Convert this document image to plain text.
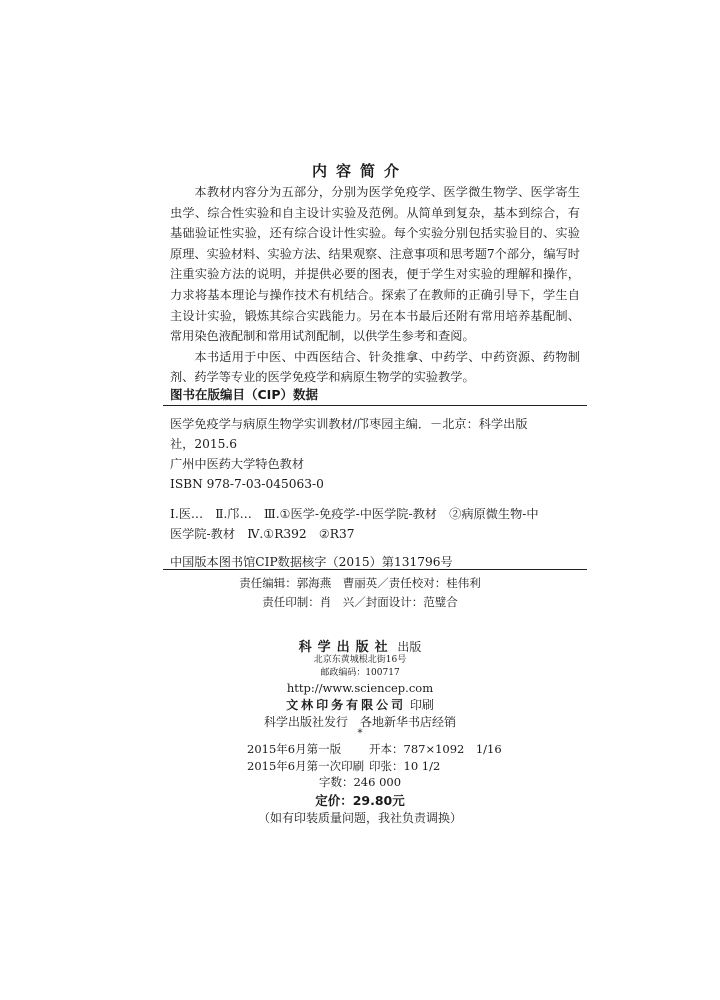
内容简介

本教材内容分为五部分，分别为医学免疫学、医学微生物学、医学寄生虫学、综合性实验和自主设计实验及范例。从简单到复杂，基本到综合，有基础验证性实验，还有综合设计性实验。每个实验分别包括实验目的、实验原理、实验材料、实验方法、结果观察、注意事项和思考题7个部分，编写时注重实验方法的说明，并提供必要的图表，便于学生对实验的理解和操作，力求将基本理论与操作技术有机结合。探索了在教师的正确引导下，学生自主设计实验，锻炼其综合实践能力。另在本书最后还附有常用培养基配制、常用染色液配制和常用试剂配制，以供学生参考和查阅。

本书适用于中医、中西医结合、针灸推拿、中药学、中药资源、药物制剂、药学等专业的医学免疫学和病原生物学的实验教学。

图书在版编目（CIP）数据
医学免疫学与病原生物学实训教材/邝枣园主编．－北京：科学出版
社，2015.6
广州中医药大学特色教材
ISBN 978-7-03-045063-0
Ⅰ.医…　Ⅱ.邝…　Ⅲ.①医学-免疫学-中医学院-教材　②病原微生物-中
医学院-教材　Ⅳ.①R392　②R37
中国版本图书馆CIP数据核字（2015）第131796号
责任编辑：郭海燕　曹丽英／责任校对：桂伟利
责任印制：肖　兴／封面设计：范璧合
科学出版社 出版
北京东黄城根北街16号
邮政编码：100717
http://www.sciencep.com
文林印务有限公司 印刷
科学出版社发行　各地新华书店经销
*
2015年6月第一版 开本：787×1092　1/16
2015年6月第一次印刷 印张：10 1/2
字数：246 000
定价：29.80元
（如有印装质量问题，我社负责调换）
